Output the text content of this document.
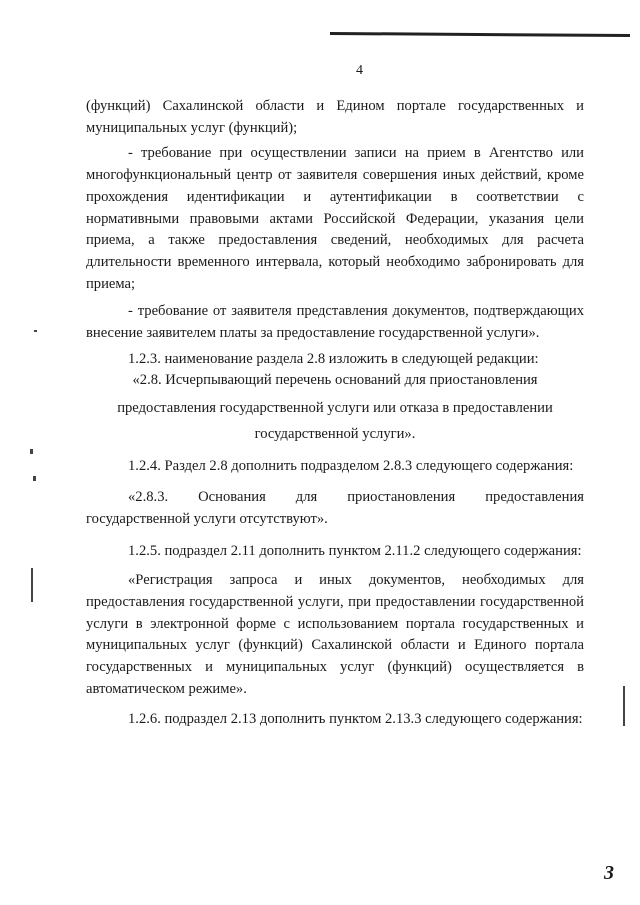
4

(функций) Сахалинской области и Едином портале государственных и

муниципальных услуг (функций);

- требование при осуществлении записи на прием в Агентство или многофункциональный центр от заявителя совершения иных действий, кроме прохождения идентификации и аутентификации в соответствии с нормативными правовыми актами Российской Федерации, указания цели приема, а также предоставления сведений, необходимых для расчета длительности временного интервала, который необходимо забронировать для приема;

- требование от заявителя представления документов, подтверждающих внесение заявителем платы за предоставление государственной услуги».

1.2.3. наименование раздела 2.8 изложить в следующей редакции:

«2.8. Исчерпывающий перечень оснований для приостановления

предоставления государственной услуги или отказа в предоставлении

государственной услуги».

1.2.4. Раздел 2.8 дополнить подразделом 2.8.3 следующего содержания:

«2.8.3. Основания для приостановления предоставления государственной услуги отсутствуют».

1.2.5. подраздел 2.11 дополнить пунктом 2.11.2 следующего содержания:

«Регистрация запроса и иных документов, необходимых для предоставления государственной услуги, при предоставлении государственной услуги в электронной форме с использованием портала государственных и муниципальных услуг (функций) Сахалинской области и Единого портала государственных и муниципальных услуг (функций) осуществляется в автоматическом режиме».

1.2.6. подраздел 2.13 дополнить пунктом 2.13.3 следующего содержания:

3
